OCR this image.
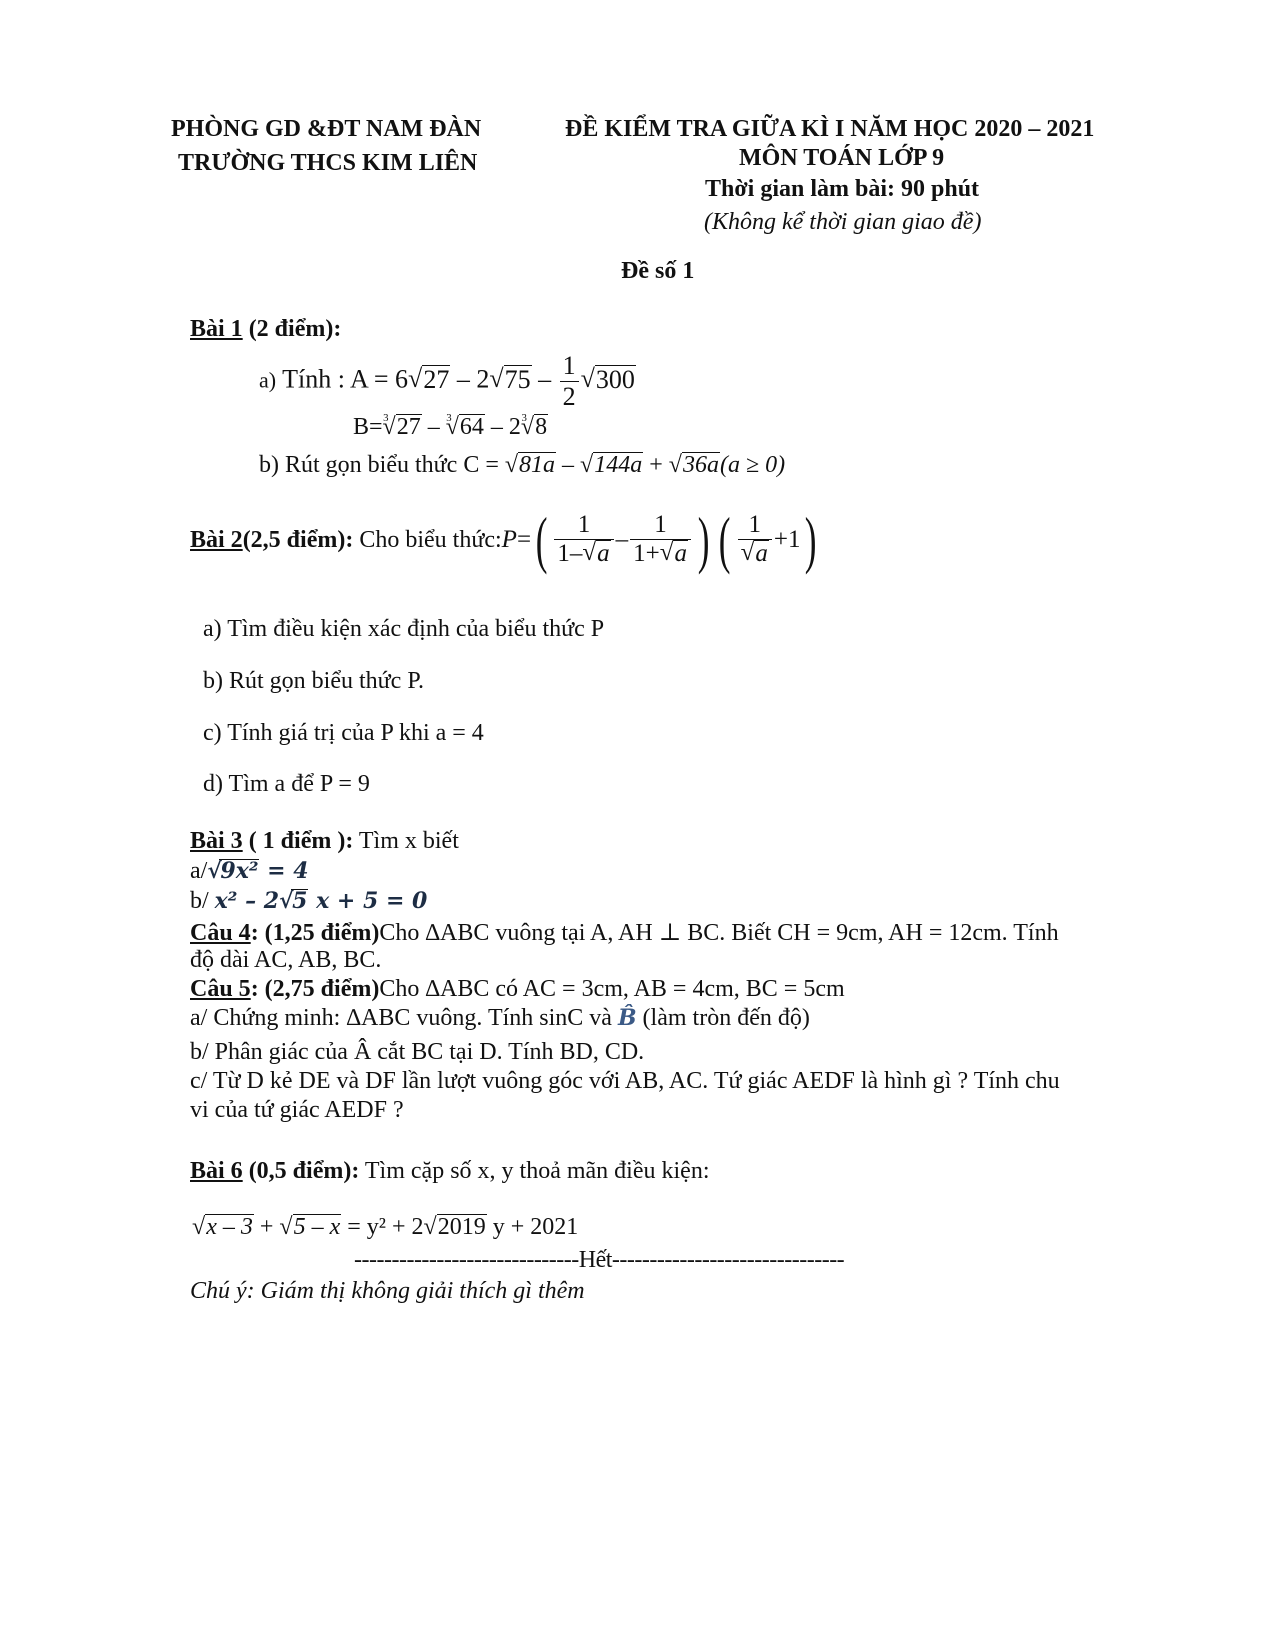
PHÒNG GD &ĐT NAM ĐÀN
TRƯỜNG THCS KIM LIÊN
ĐỀ KIỂM TRA GIỮA KÌ I NĂM HỌC 2020 – 2021
MÔN TOÁN LỚP 9
Thời gian làm bài: 90 phút
(Không kể thời gian giao đề)
Đề số 1
Bài 1 (2 điểm):
a) Tính : A = 6 √ 27 – 2 √ $75 - \frac{1}{2}$ √ 300
B= √ 3 27 – √ 3 64 – 2 √ 3 8
b) Rút gọn biểu thức C = √ 81a – √ 144a + √ 36a(a ≥ 0)
Bài 2(2,5 điểm): Cho biểu thức: P = ( $\frac{1}{1- √ a} - \frac{1}{1+ √ a}$ ) ( 1
√ a +1 )
a) Tìm điều kiện xác định của biểu thức P
b) Rút gọn biểu thức P.
c) Tính giá trị của P khi a = 4
d) Tìm a để P = 9
Bài 3 ( 1 điểm ): Tìm x biết
a/ √ 9x² = 4
b/ x² – 2 √ 5 x + 5 = 0
Câu 4: (1,25 điểm)Cho ∆ABC vuông tại A, AH ⊥ BC. Biết CH = 9cm, AH = 12cm. Tính
độ dài AC, AB, BC.
Câu 5: (2,75 điểm)Cho ∆ABC có AC = 3cm, AB = 4cm, BC = 5cm
a/ Chứng minh: ∆ABC vuông. Tính sinC và B̂ (làm tròn đến độ)
b/ Phân giác của Â cắt BC tại D. Tính BD, CD.
c/ Từ D kẻ DE và DF lần lượt vuông góc với AB, AC. Tứ giác AEDF là hình gì ? Tính chu
vi của tứ giác AEDF ?
Bài 6 (0,5 điểm): Tìm cặp số x, y thoả mãn điều kiện:
√ x – 3 + √ 5 – x = y² + 2 √ 2019 y + 2021
------------------------------Hết-------------------------------
Chú ý: Giám thị không giải thích gì thêm
